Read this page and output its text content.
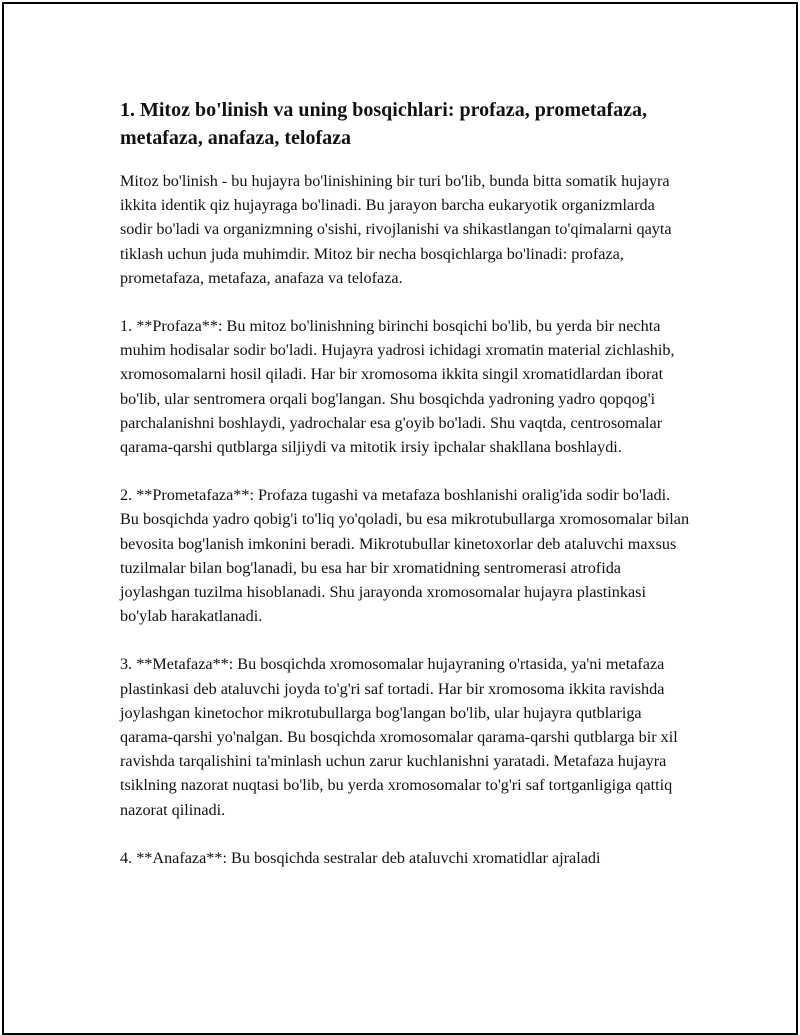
1. Mitoz bo'linish va uning bosqichlari: profaza, prometafaza, metafaza, anafaza, telofaza

Mitoz bo'linish - bu hujayra bo'linishining bir turi bo'lib, bunda bitta somatik hujayra ikkita identik qiz hujayraga bo'linadi. Bu jarayon barcha eukaryotik organizmlarda sodir bo'ladi va organizmning o'sishi, rivojlanishi va shikastlangan to'qimalarni qayta tiklash uchun juda muhimdir. Mitoz bir necha bosqichlarga bo'linadi: profaza, prometafaza, metafaza, anafaza va telofaza.

1. **Profaza**: Bu mitoz bo'linishning birinchi bosqichi bo'lib, bu yerda bir nechta muhim hodisalar sodir bo'ladi. Hujayra yadrosi ichidagi xromatin material zichlashib, xromosomalarni hosil qiladi. Har bir xromosoma ikkita singil xromatidlardan iborat bo'lib, ular sentromera orqali bog'langan. Shu bosqichda yadroning yadro qopqog'i parchalanishni boshlaydi, yadrochalar esa g'oyib bo'ladi. Shu vaqtda, centrosomalar qarama-qarshi qutblarga siljiydi va mitotik irsiy ipchalar shakllana boshlaydi.

2. **Prometafaza**: Profaza tugashi va metafaza boshlanishi oralig'ida sodir bo'ladi. Bu bosqichda yadro qobig'i to'liq yo'qoladi, bu esa mikrotubullarga xromosomalar bilan bevosita bog'lanish imkonini beradi. Mikrotubullar kinetoxorlar deb ataluvchi maxsus tuzilmalar bilan bog'lanadi, bu esa har bir xromatidning sentromerasi atrofida joylashgan tuzilma hisoblanadi. Shu jarayonda xromosomalar hujayra plastinkasi bo'ylab harakatlanadi.

3. **Metafaza**: Bu bosqichda xromosomalar hujayraning o'rtasida, ya'ni metafaza plastinkasi deb ataluvchi joyda to'g'ri saf tortadi. Har bir xromosoma ikkita ravishda joylashgan kinetochor mikrotubullarga bog'langan bo'lib, ular hujayra qutblariga qarama-qarshi yo'nalgan. Bu bosqichda xromosomalar qarama-qarshi qutblarga bir xil ravishda tarqalishini ta'minlash uchun zarur kuchlanishni yaratadi. Metafaza hujayra tsiklning nazorat nuqtasi bo'lib, bu yerda xromosomalar to'g'ri saf tortganligiga qattiq nazorat qilinadi.

4. **Anafaza**: Bu bosqichda sestralar deb ataluvchi xromatidlar ajraladi
